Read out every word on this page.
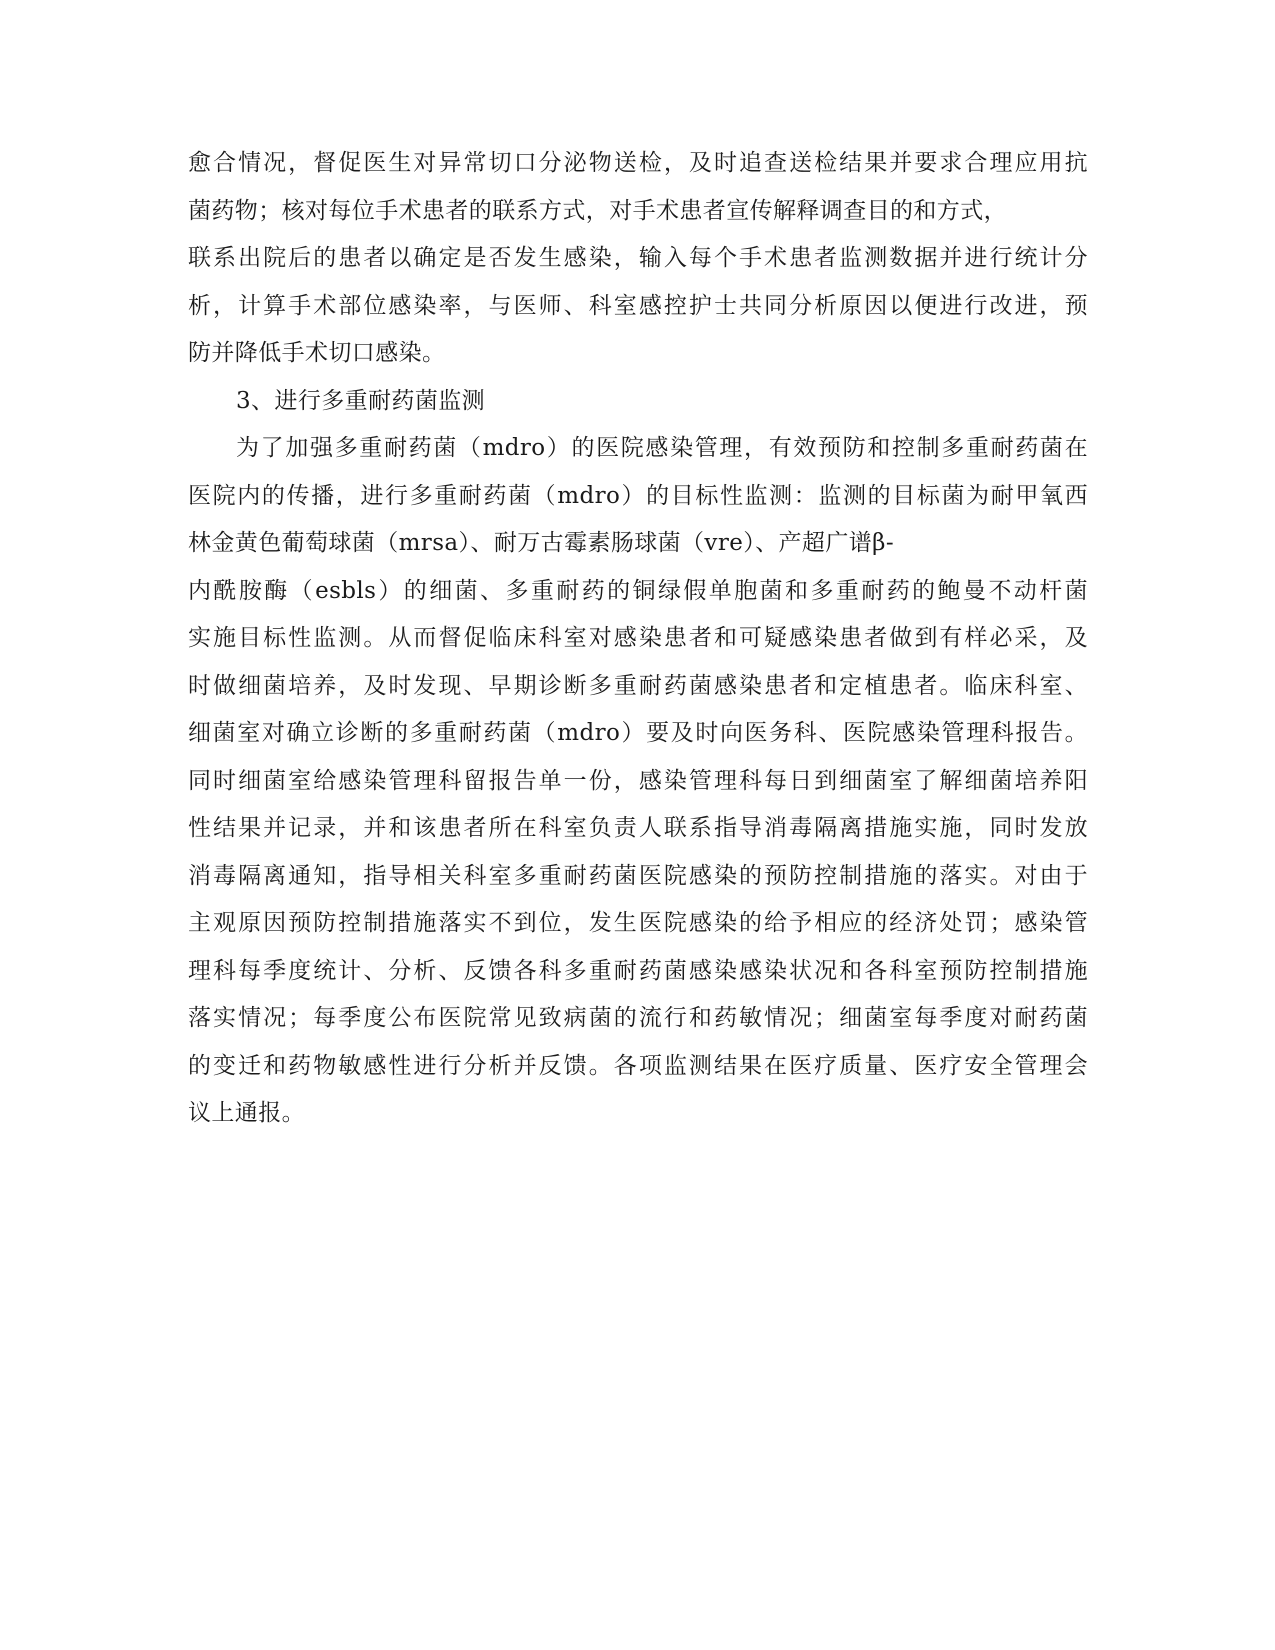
愈合情况，督促医生对异常切口分泌物送检，及时追查送检结果并要求合理应用抗
菌药物；核对每位手术患者的联系方式，对手术患者宣传解释调查目的和方式，
联系出院后的患者以确定是否发生感染，输入每个手术患者监测数据并进行统计分
析，计算手术部位感染率，与医师、科室感控护士共同分析原因以便进行改进，预
防并降低手术切口感染。
3、进行多重耐药菌监测
为了加强多重耐药菌（mdro）的医院感染管理，有效预防和控制多重耐药菌在
医院内的传播，进行多重耐药菌（mdro）的目标性监测：监测的目标菌为耐甲氧西
林金黄色葡萄球菌（mrsa）、耐万古霉素肠球菌（vre）、产超广谱β-
内酰胺酶（esbls）的细菌、多重耐药的铜绿假单胞菌和多重耐药的鲍曼不动杆菌
实施目标性监测。从而督促临床科室对感染患者和可疑感染患者做到有样必采，及
时做细菌培养，及时发现、早期诊断多重耐药菌感染患者和定植患者。临床科室、
细菌室对确立诊断的多重耐药菌（mdro）要及时向医务科、医院感染管理科报告。
同时细菌室给感染管理科留报告单一份，感染管理科每日到细菌室了解细菌培养阳
性结果并记录，并和该患者所在科室负责人联系指导消毒隔离措施实施，同时发放
消毒隔离通知，指导相关科室多重耐药菌医院感染的预防控制措施的落实。对由于
主观原因预防控制措施落实不到位，发生医院感染的给予相应的经济处罚；感染管
理科每季度统计、分析、反馈各科多重耐药菌感染感染状况和各科室预防控制措施
落实情况；每季度公布医院常见致病菌的流行和药敏情况；细菌室每季度对耐药菌
的变迁和药物敏感性进行分析并反馈。各项监测结果在医疗质量、医疗安全管理会
议上通报。
